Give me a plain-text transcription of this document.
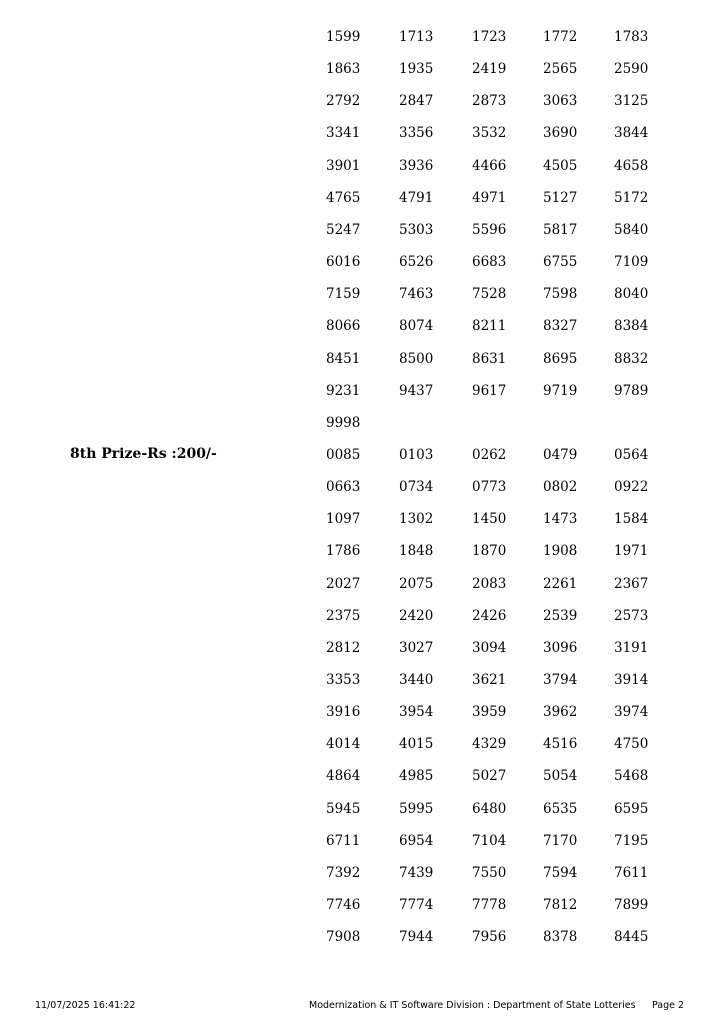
8th Prize-Rs :200/-
1599	1713	1723	1772	1783
1863	1935	2419	2565	2590
2792	2847	2873	3063	3125
3341	3356	3532	3690	3844
3901	3936	4466	4505	4658
4765	4791	4971	5127	5172
5247	5303	5596	5817	5840
6016	6526	6683	6755	7109
7159	7463	7528	7598	8040
8066	8074	8211	8327	8384
8451	8500	8631	8695	8832
9231	9437	9617	9719	9789
9998
0085	0103	0262	0479	0564
0663	0734	0773	0802	0922
1097	1302	1450	1473	1584
1786	1848	1870	1908	1971
2027	2075	2083	2261	2367
2375	2420	2426	2539	2573
2812	3027	3094	3096	3191
3353	3440	3621	3794	3914
3916	3954	3959	3962	3974
4014	4015	4329	4516	4750
4864	4985	5027	5054	5468
5945	5995	6480	6535	6595
6711	6954	7104	7170	7195
7392	7439	7550	7594	7611
7746	7774	7778	7812	7899
7908	7944	7956	8378	8445
11/07/2025 16:41:22	Modernization & IT Software Division : Department of State Lotteries Page 2
